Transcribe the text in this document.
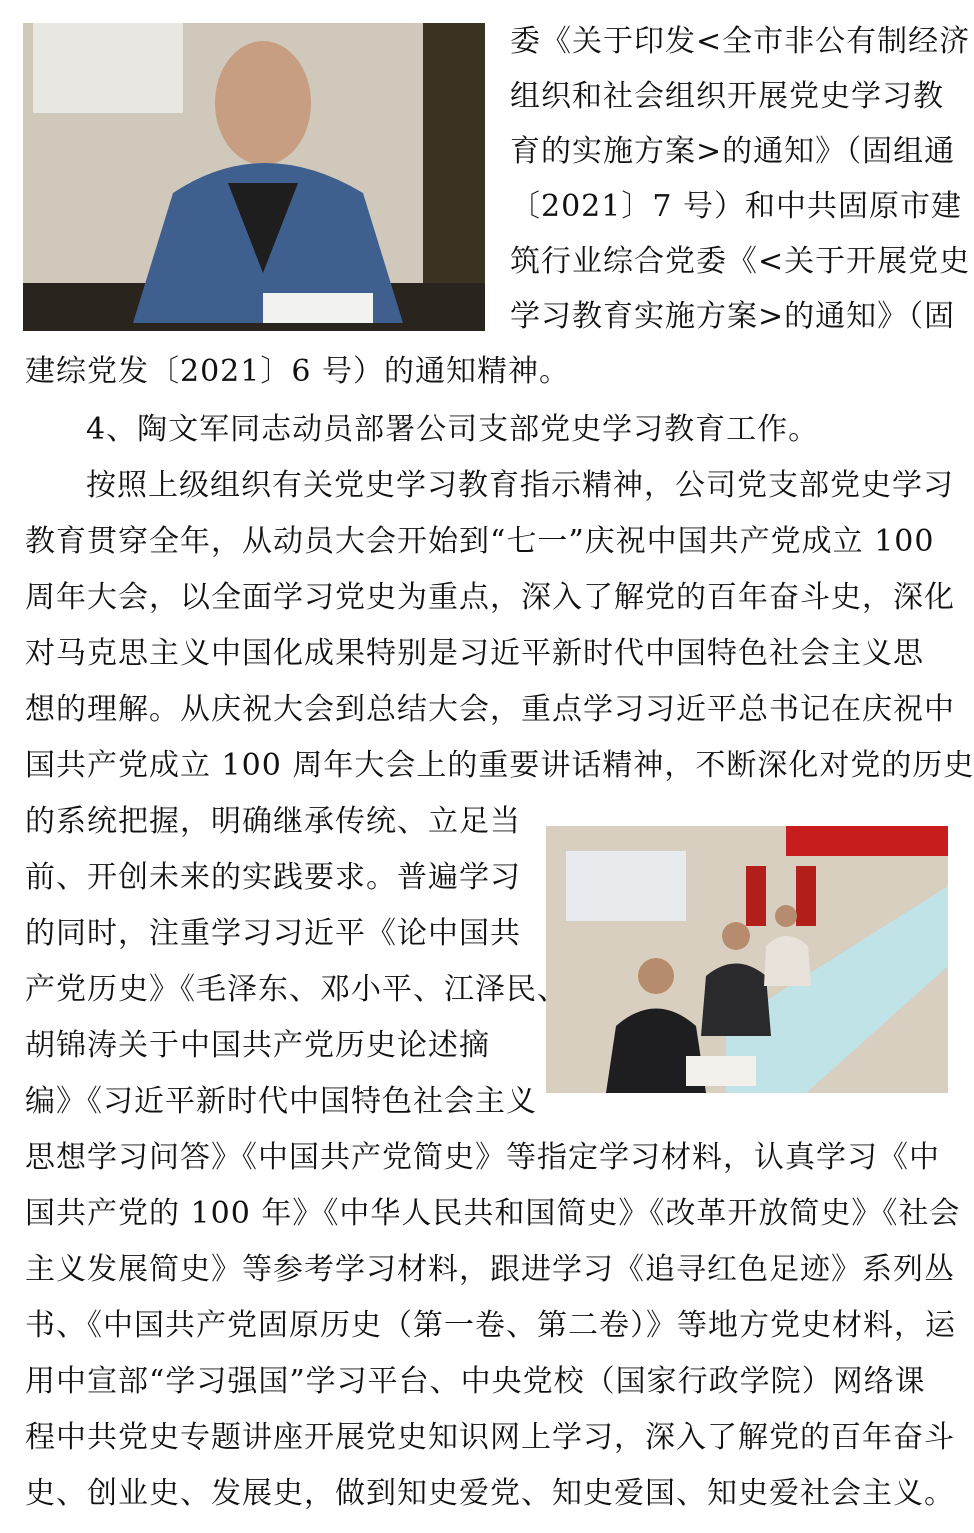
委《关于印发<全市非公有制经济
组织和社会组织开展党史学习教
育的实施方案>的通知》（固组通
〔2021〕7 号）和中共固原市建
筑行业综合党委《<关于开展党史
学习教育实施方案>的通知》（固
建综党发〔2021〕6 号）的通知精神。
4、陶文军同志动员部署公司支部党史学习教育工作。
按照上级组织有关党史学习教育指示精神，公司党支部党史学习
教育贯穿全年，从动员大会开始到“七一”庆祝中国共产党成立 100
周年大会，以全面学习党史为重点，深入了解党的百年奋斗史，深化
对马克思主义中国化成果特别是习近平新时代中国特色社会主义思
想的理解。从庆祝大会到总结大会，重点学习习近平总书记在庆祝中
国共产党成立 100 周年大会上的重要讲话精神，不断深化对党的历史
的系统把握，明确继承传统、立足当
前、开创未来的实践要求。普遍学习
的同时，注重学习习近平《论中国共
产党历史》《毛泽东、邓小平、江泽民、
胡锦涛关于中国共产党历史论述摘
编》《习近平新时代中国特色社会主义
思想学习问答》《中国共产党简史》等指定学习材料，认真学习《中
国共产党的 100 年》《中华人民共和国简史》《改革开放简史》《社会
主义发展简史》等参考学习材料，跟进学习《追寻红色足迹》系列丛
书、《中国共产党固原历史（第一卷、第二卷）》等地方党史材料，运
用中宣部“学习强国”学习平台、中央党校（国家行政学院）网络课
程中共党史专题讲座开展党史知识网上学习，深入了解党的百年奋斗
史、创业史、发展史，做到知史爱党、知史爱国、知史爱社会主义。
